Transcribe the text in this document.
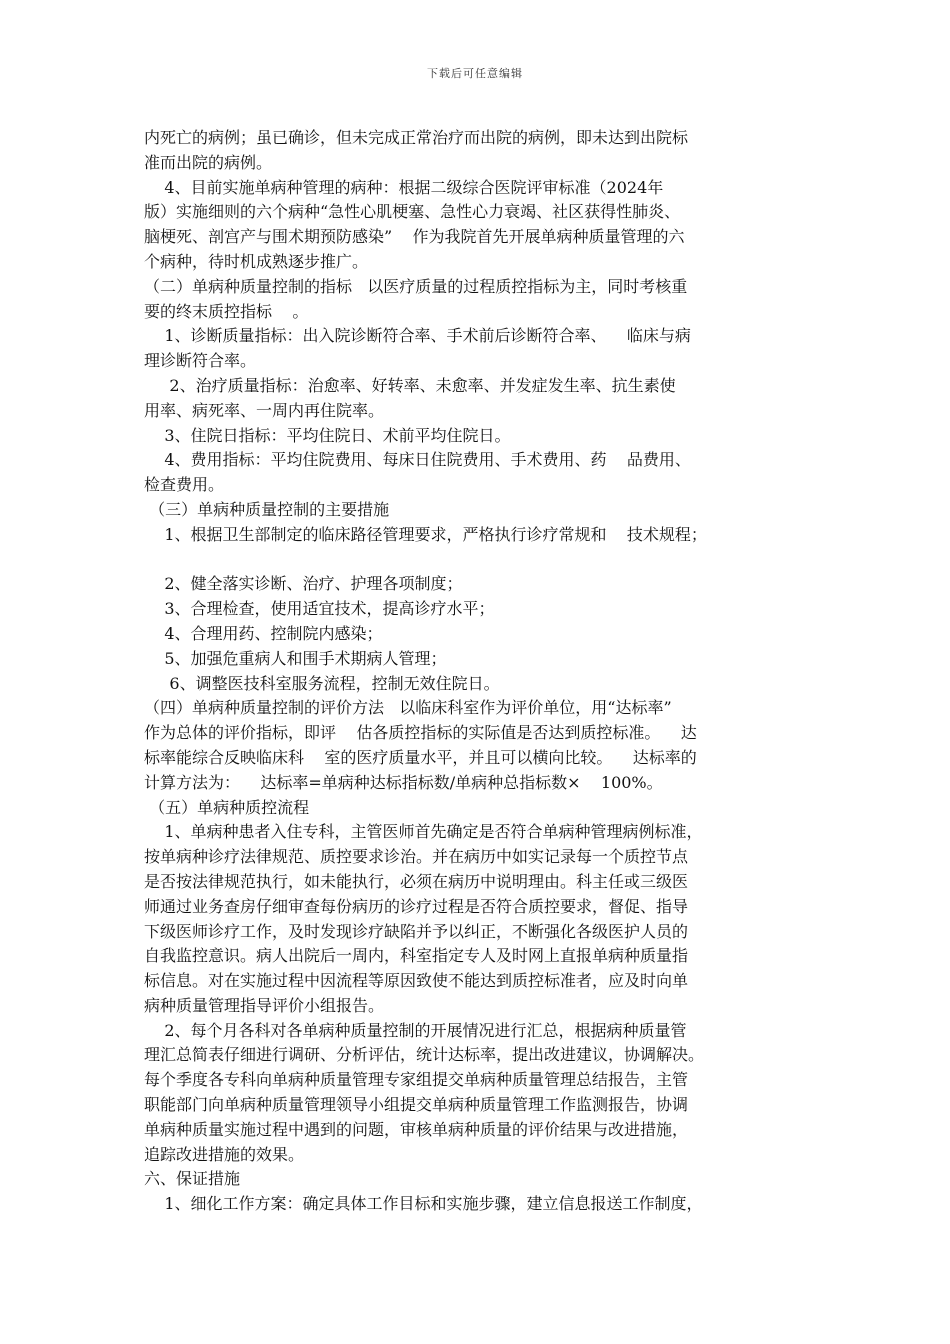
下载后可任意编辑
内死亡的病例；虽已确诊，但未完成正常治疗而出院的病例，即未达到出院标
准而出院的病例。
4、目前实施单病种管理的病种：根据二级综合医院评审标准（2024年
版）实施细则的六个病种“急性心肌梗塞、急性心力衰竭、社区获得性肺炎、
脑梗死、剖宫产与围术期预防感染”    作为我院首先开展单病种质量管理的六
个病种，待时机成熟逐步推广。
（二）单病种质量控制的指标   以医疗质量的过程质控指标为主，同时考核重
要的终末质控指标    。
1、诊断质量指标：出入院诊断符合率、手术前后诊断符合率、    临床与病
理诊断符合率。
2、治疗质量指标：治愈率、好转率、未愈率、并发症发生率、抗生素使
用率、病死率、一周内再住院率。
3、住院日指标：平均住院日、术前平均住院日。
4、费用指标：平均住院费用、每床日住院费用、手术费用、药    品费用、
检查费用。
（三）单病种质量控制的主要措施
1、根据卫生部制定的临床路径管理要求，严格执行诊疗常规和    技术规程；
2、健全落实诊断、治疗、护理各项制度；
3、合理检查，使用适宜技术，提高诊疗水平；
4、合理用药、控制院内感染；
5、加强危重病人和围手术期病人管理；
6、调整医技科室服务流程，控制无效住院日。
（四）单病种质量控制的评价方法   以临床科室作为评价单位，用“达标率”
作为总体的评价指标，即评    估各质控指标的实际值是否达到质控标准。    达
标率能综合反映临床科    室的医疗质量水平，并且可以横向比较。    达标率的
计算方法为：    达标率=单病种达标指标数/单病种总指标数×    100%。
（五）单病种质控流程
1、单病种患者入住专科，主管医师首先确定是否符合单病种管理病例标准，
按单病种诊疗法律规范、质控要求诊治。并在病历中如实记录每一个质控节点
是否按法律规范执行，如未能执行，必须在病历中说明理由。科主任或三级医
师通过业务查房仔细审查每份病历的诊疗过程是否符合质控要求，督促、指导
下级医师诊疗工作，及时发现诊疗缺陷并予以纠正，不断强化各级医护人员的
自我监控意识。病人出院后一周内，科室指定专人及时网上直报单病种质量指
标信息。对在实施过程中因流程等原因致使不能达到质控标准者，应及时向单
病种质量管理指导评价小组报告。
2、每个月各科对各单病种质量控制的开展情况进行汇总，根据病种质量管
理汇总简表仔细进行调研、分析评估，统计达标率，提出改进建议，协调解决。
每个季度各专科向单病种质量管理专家组提交单病种质量管理总结报告，主管
职能部门向单病种质量管理领导小组提交单病种质量管理工作监测报告，协调
单病种质量实施过程中遇到的问题，审核单病种质量的评价结果与改进措施，
追踪改进措施的效果。
六、保证措施
1、细化工作方案：确定具体工作目标和实施步骤，建立信息报送工作制度，
